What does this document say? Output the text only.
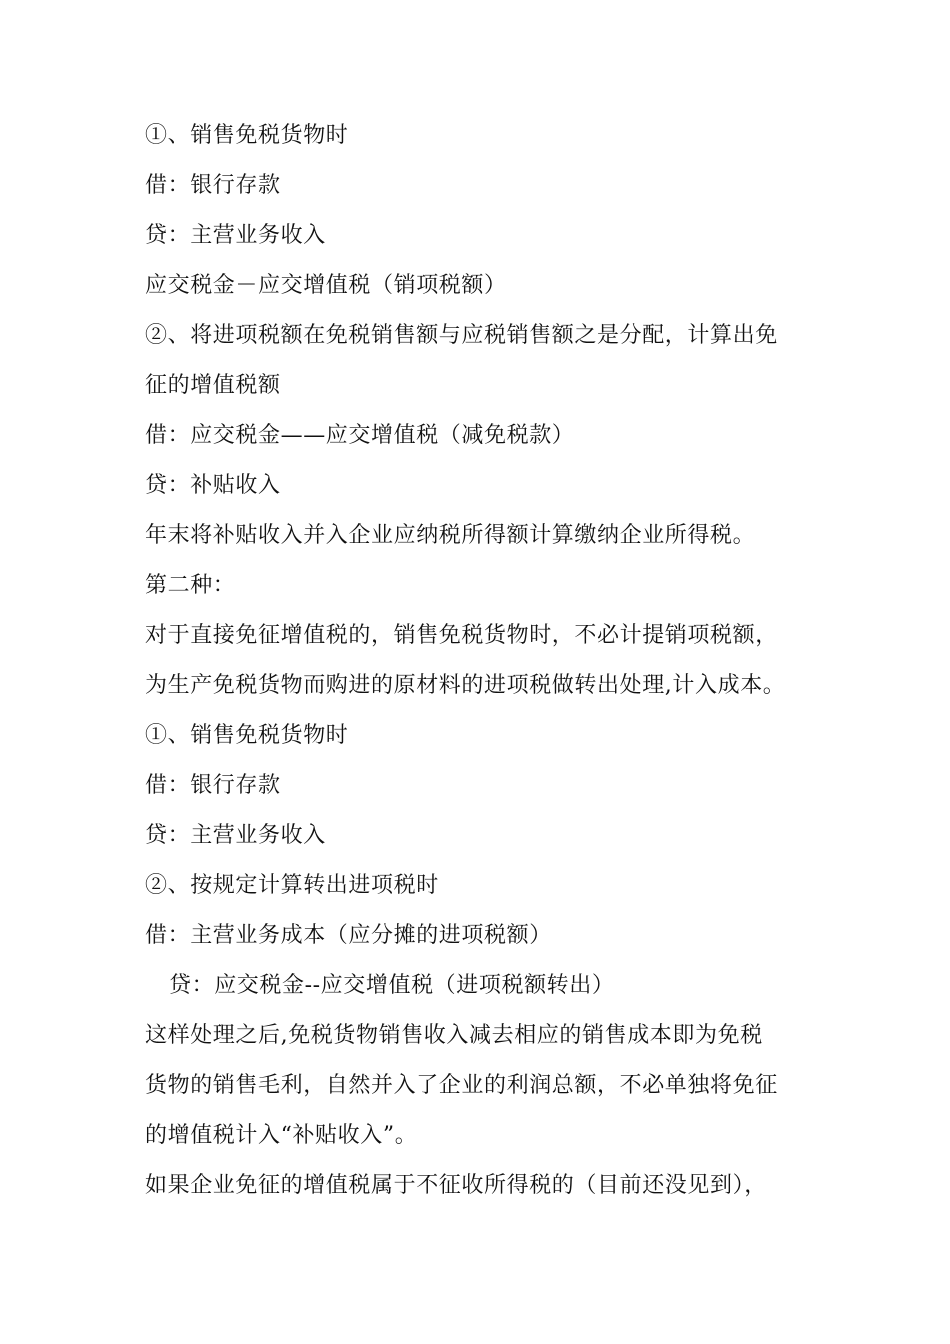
①、销售免税货物时
借：银行存款
贷：主营业务收入
应交税金－应交增值税（销项税额）
②、将进项税额在免税销售额与应税销售额之是分配，计算出免
征的增值税额
借：应交税金——应交增值税（减免税款）
贷：补贴收入
年末将补贴收入并入企业应纳税所得额计算缴纳企业所得税。
第二种：
对于直接免征增值税的，销售免税货物时，不必计提销项税额，
为生产免税货物而购进的原材料的进项税做转出处理,计入成本。
①、销售免税货物时
借：银行存款
贷：主营业务收入
②、按规定计算转出进项税时
借：主营业务成本（应分摊的进项税额）
贷：应交税金--应交增值税（进项税额转出）
这样处理之后,免税货物销售收入减去相应的销售成本即为免税
货物的销售毛利，自然并入了企业的利润总额，不必单独将免征
的增值税计入“补贴收入”。
如果企业免征的增值税属于不征收所得税的（目前还没见到），
